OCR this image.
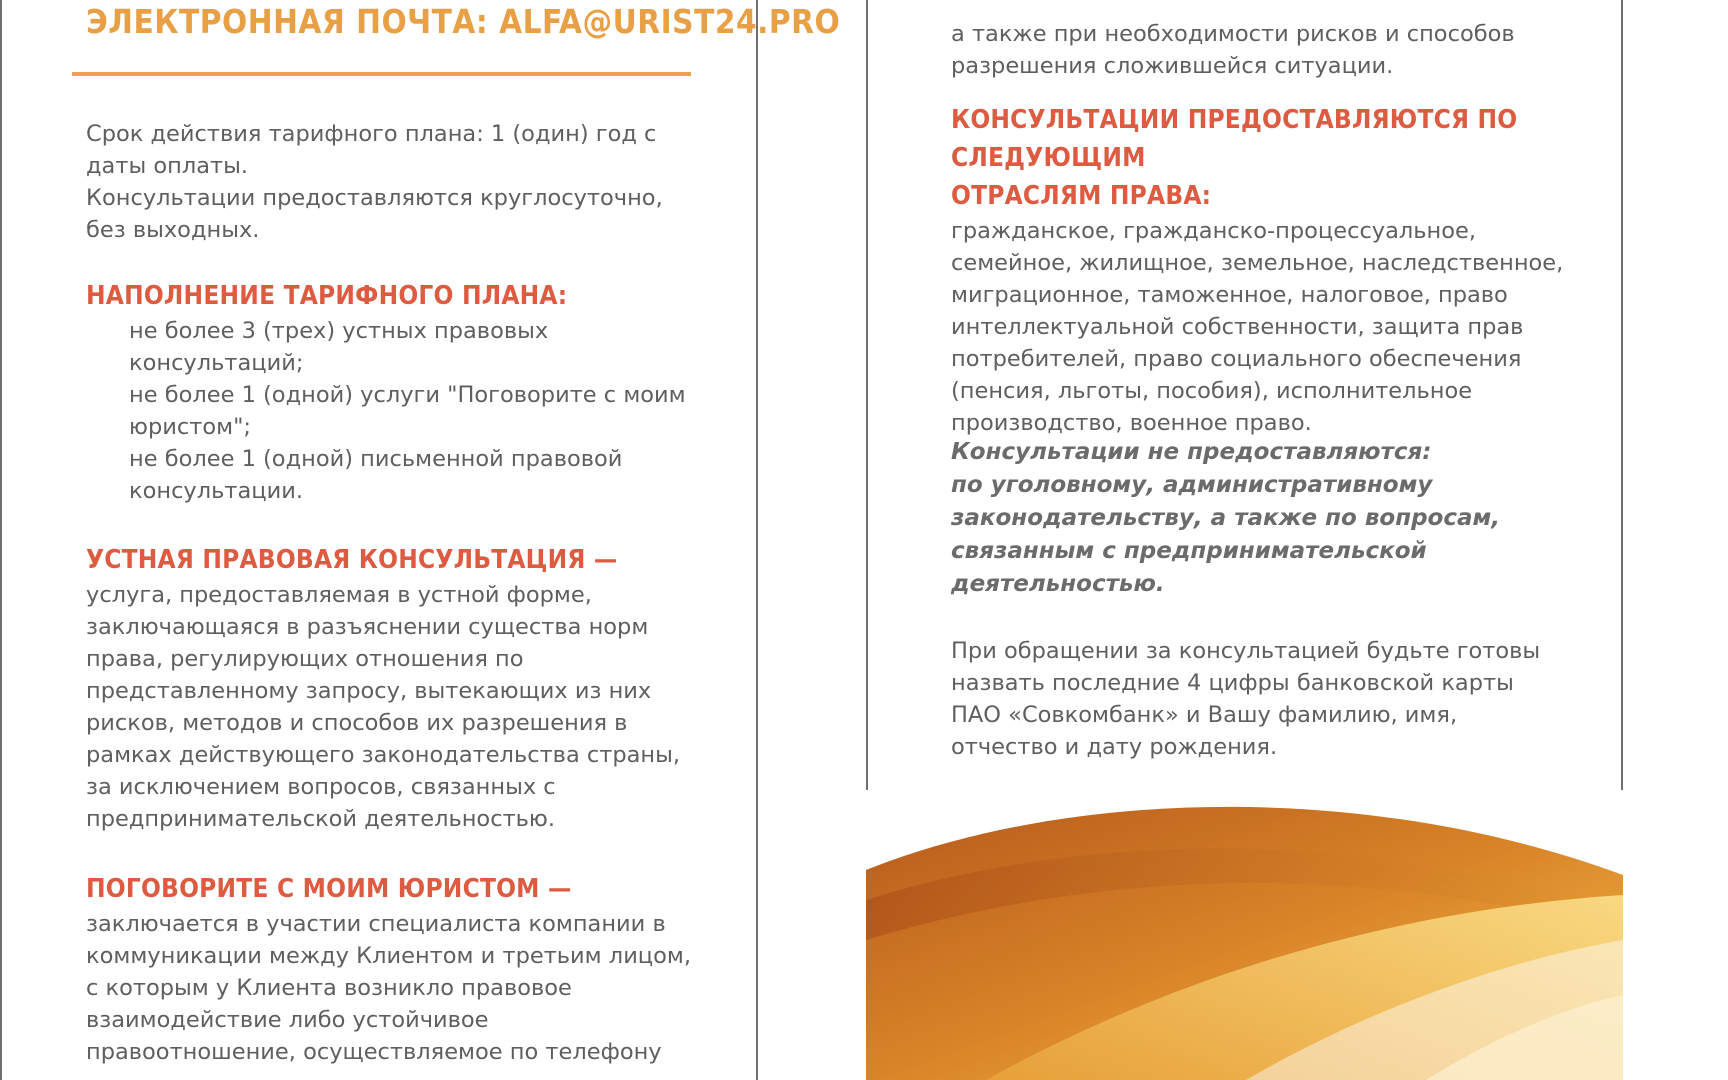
ЭЛЕКТРОННАЯ ПОЧТА: ALFA@URIST24.PRO

Срок действия тарифного плана: 1 (один) год с

даты оплаты.

Консультации предоставляются круглосуточно,

без выходных.

НАПОЛНЕНИЕ ТАРИФНОГО ПЛАНА:

не более 3 (трех) устных правовых

консультаций;

не более 1 (одной) услуги "Поговорите с моим

юристом";

не более 1 (одной) письменной правовой

консультации.

УСТНАЯ ПРАВОВАЯ КОНСУЛЬТАЦИЯ —

услуга, предоставляемая в устной форме,

заключающаяся в разъяснении существа норм

права, регулирующих отношения по

представленному запросу, вытекающих из них

рисков, методов и способов их разрешения в

рамках действующего законодательства страны,

за исключением вопросов, связанных с

предпринимательской деятельностью.

ПОГОВОРИТЕ С МОИМ ЮРИСТОМ —

заключается в участии специалиста компании в

коммуникации между Клиентом и третьим лицом,

с которым у Клиента возникло правовое

взаимодействие либо устойчивое

правоотношение, осуществляемое по телефону

а также при необходимости рисков и способов

разрешения сложившейся ситуации.

КОНСУЛЬТАЦИИ ПРЕДОСТАВЛЯЮТСЯ ПО СЛЕДУЮЩИМ

ОТРАСЛЯМ ПРАВА:

гражданское, гражданско-процессуальное,

семейное, жилищное, земельное, наследственное,

миграционное, таможенное, налоговое, право

интеллектуальной собственности, защита прав

потребителей, право социального обеспечения

(пенсия, льготы, пособия), исполнительное

производство, военное право.

Консультации не предоставляются:

по уголовному, административному

законодательству, а также по вопросам,

связанным с предпринимательской

деятельностью.

При обращении за консультацией будьте готовы

назвать последние 4 цифры банковской карты

ПАО «Совкомбанк» и Вашу фамилию, имя,

отчество и дату рождения.
